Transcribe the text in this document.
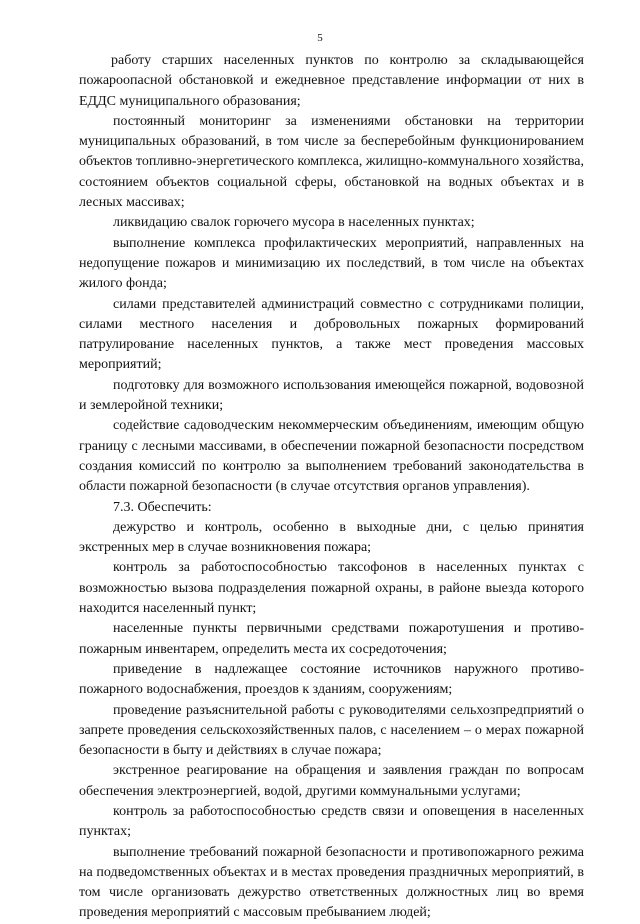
5

работу старших населенных пунктов по контролю за складывающейся пожароопасной обстановкой и ежедневное представление информации от них в ЕДДС муниципального образования;

постоянный мониторинг за изменениями обстановки на территории муниципальных образований, в том числе за бесперебойным функционированием объектов топливно-энергетического комплекса, жилищно-коммунального хозяйства, состоянием объектов социальной сферы, обстановкой на водных объектах и в лесных массивах;

ликвидацию свалок горючего мусора в населенных пунктах;

выполнение комплекса профилактических мероприятий, направленных на недопущение пожаров и минимизацию их последствий, в том числе на объектах жилого фонда;

силами представителей администраций совместно с сотрудниками полиции, силами местного населения и добровольных пожарных формирований патрулирование населенных пунктов, а также мест проведения массовых мероприятий;

подготовку для возможного использования имеющейся пожарной, водовозной и землеройной техники;

содействие садоводческим некоммерческим объединениям, имеющим общую границу с лесными массивами, в обеспечении пожарной безопасности посредством создания комиссий по контролю за выполнением требований законодательства в области пожарной безопасности (в случае отсутствия органов управления).

7.3. Обеспечить:

дежурство и контроль, особенно в выходные дни, с целью принятия экстренных мер в случае возникновения пожара;

контроль за работоспособностью таксофонов в населенных пунктах с возможностью вызова подразделения пожарной охраны, в районе выезда которого находится населенный пункт;

населенные пункты первичными средствами пожаротушения и противопожарным инвентарем, определить места их сосредоточения;

приведение в надлежащее состояние источников наружного противопожарного водоснабжения, проездов к зданиям, сооружениям;

проведение разъяснительной работы с руководителями сельхозпредприятий о запрете проведения сельскохозяйственных палов, с населением – о мерах пожарной безопасности в быту и действиях в случае пожара;

экстренное реагирование на обращения и заявления граждан по вопросам обеспечения электроэнергией, водой, другими коммунальными услугами;

контроль за работоспособностью средств связи и оповещения в населенных пунктах;

выполнение требований пожарной безопасности и противопожарного режима на подведомственных объектах и в местах проведения праздничных мероприятий, в том числе организовать дежурство ответственных должностных лиц во время проведения мероприятий с массовым пребыванием людей;
